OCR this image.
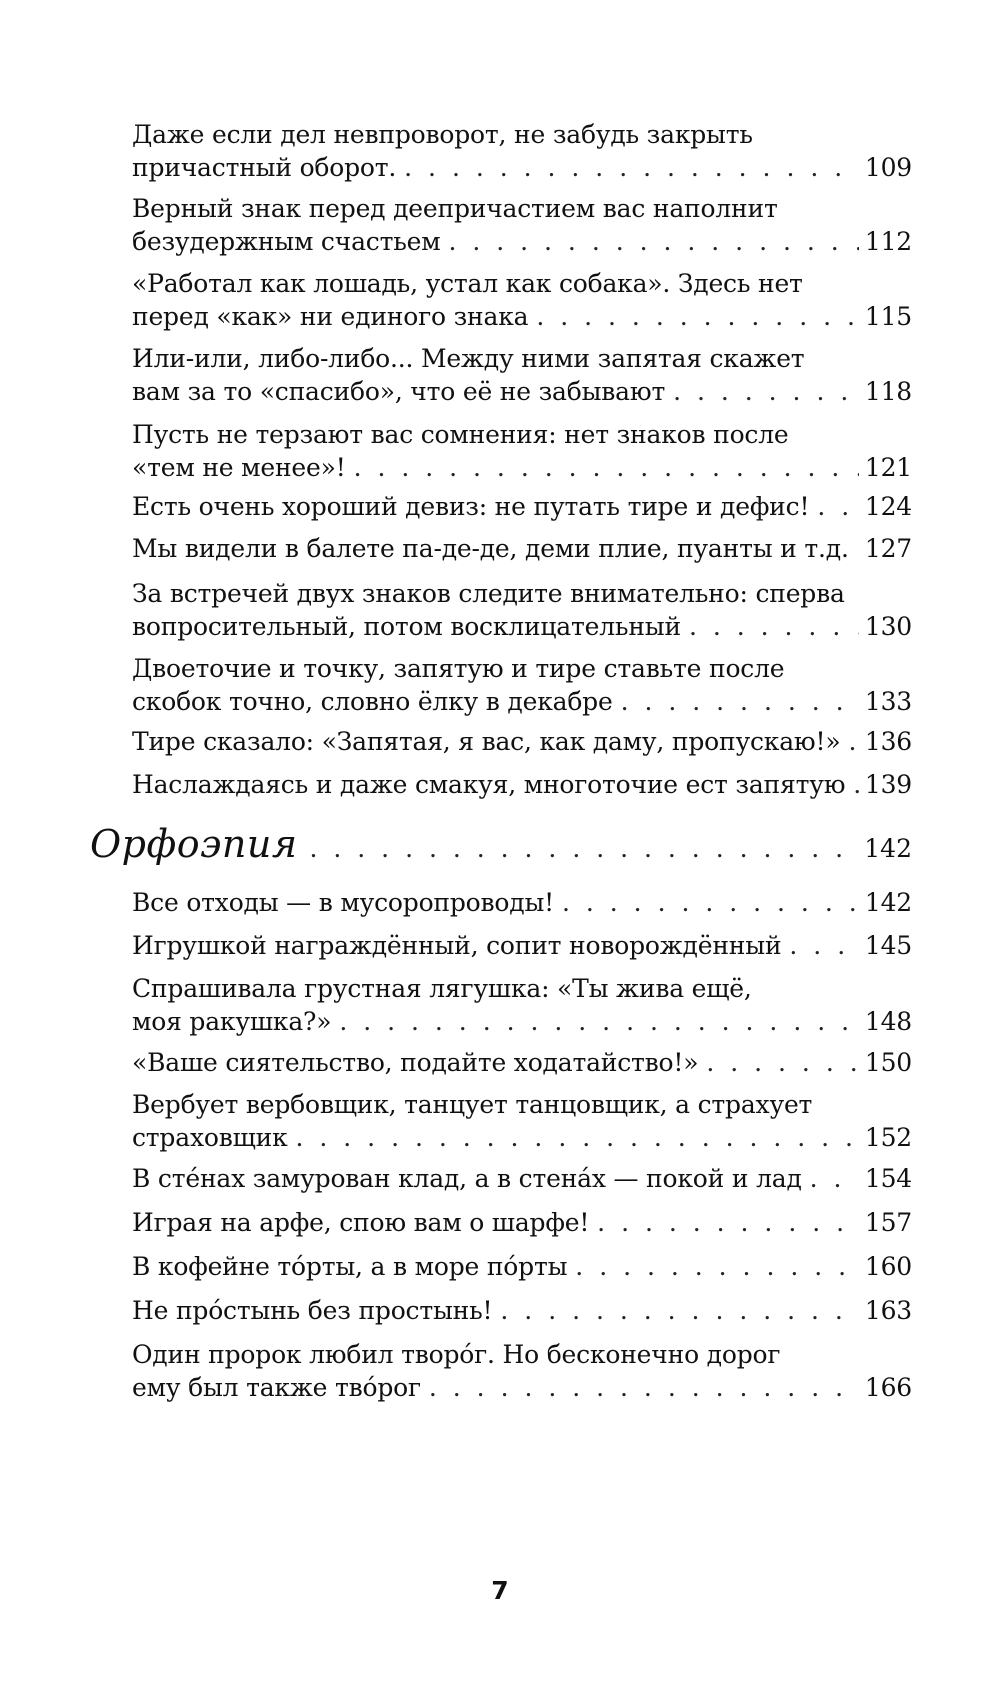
Даже если дел невпроворот, не забудь закрыть
причастный оборот. . . .	109
Верный знак перед деепричастием вас наполнит
безудержным счастьем . . .	112
«Работал как лошадь, устал как собака». Здесь нет
перед «как» ни единого знака . . .	115
Или-или, либо-либо... Между ними запятая скажет
вам за то «спасибо», что её не забывают . . .	118
Пусть не терзают вас сомнения: нет знаков после
«тем не менее»! . . .	121
Есть очень хороший девиз: не путать тире и дефис! . . . 124
Мы видели в балете па-де-де, деми плие, пуанты и т.д. . . . 127
За встречей двух знаков следите внимательно: сперва
вопросительный, потом восклицательный . . .	130
Двоеточие и точку, запятую и тире ставьте после
скобок точно, словно ёлку в декабре . . .	133
Тире сказало: «Запятая, я вас, как даму, пропускаю!» . . . 136
Наслаждаясь и даже смакуя, многоточие ест запятую . . . 139
Орфоэпия . . .	142
Все отходы — в мусоропроводы! . . .	142
Игрушкой награждённый, сопит новорождённый . . .	145
Спрашивала грустная лягушка: «Ты жива ещё,
моя ракушка?» . . .	148
«Ваше сиятельство, подайте ходатайство!» . . .	150
Вербует вербовщик, танцует танцовщик, а страхует
страховщик . . .	152
В стéнах замурован клад, а в стенáх — покой и лад . . .	154
Играя на арфе, спою вам о шарфе! . . .	157
В кофейне тóрты, а в море пóрты . . .	160
Не прóстынь без простынь! . . .	163
Один пророк любил творóг. Но бесконечно дорог
ему был также твóрог . . .	166
7
